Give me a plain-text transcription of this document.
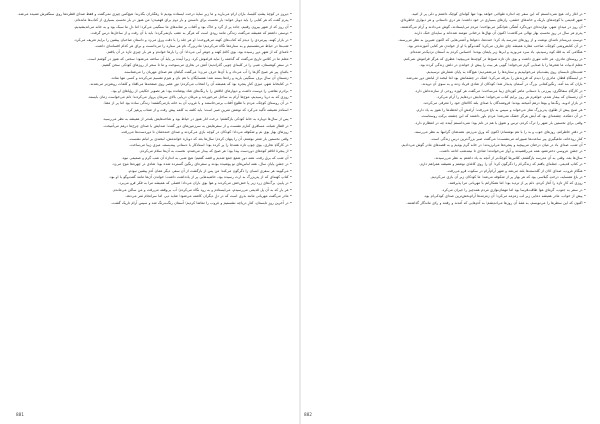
• دیروز در کوچهٔ پشتِ کلیسا، باران آرام می‌بارید و ما زیرِ سایهٔ درخت ایستاده بودیم تا رهگذران بگذرند؛ هیچ‌کس چیزی نمی‌گفت و فقط صدای قطره‌ها روی سنگفرش شنیده می‌شد.

• پدرم گفت که هر کتابی را باید دوبار خواند: بار نخست برای دانستن و بار دوم برای فهمیدن؛ من هنوز در بار نخستِ بسیاری از کتاب‌ها مانده‌ام.

• آن روز که از شهر بیرون رفتیم، جاده پر از گرد و خاک بود و آفتاب بر شانه‌های ما سنگینی می‌کرد؛ اما دلِ ما سبک بود و به خانه می‌اندیشیدیم.

• دوستی داشتم که همیشه می‌گفت زندگی مانند رودی است که هرگز به عقب بازنمی‌گردد؛ باید با آن رفت و از ساحل‌ها درس گرفت.

• در بازار کهنه، پیرمردی را دیدم که کتاب‌های کهنه می‌فروخت؛ او هر جلد را با دقت ورق می‌زد و داستانِ صاحبان پیشین را برایم تعریف می‌کرد.

• شب‌ها در حیاط می‌نشستیم و به ستاره‌ها نگاه می‌کردیم؛ مادربزرگ نام هر ستاره را می‌دانست و برای هر کدام افسانه‌ای داشت.

• نامه‌ای که از شهرِ دور رسیده بود، بوی کاغذِ کهنه و جوهرِ آبی می‌داد؛ آن را بارها خواندم و هر بار چیزی تازه در آن یافتم.

• معلم ما در کلاس تاریخ می‌گفت که گذشته را نباید فراموش کرد، زیرا آینده بر پایهٔ آن ساخته می‌شود؛ سخنی که هنوز در گوشم است.

• در سفرِ کوهستان، شبی را در کلبه‌ای چوبی گذراندیم؛ آتش در بخاری می‌سوخت و ما تا سحر از روزهای کودکی سخن گفتیم.

• باغبانِ پیر هر صبح گل‌ها را آب می‌داد و با آن‌ها حرف می‌زد؛ می‌گفت گیاهان هم صدای مهربان را می‌شناسند.

• زمستانِ آن سال برف سنگینی بارید و راه‌ها بسته شد؛ همسایگان با هم نان و هیزم تقسیم می‌کردند و کسی تنها نماند.

• در کتابخانهٔ شهر، میزی کنارِ پنجره بود که همیشه آن را انتخاب می‌کردم؛ نورِ عصر روی صفحه‌ها می‌افتاد و کلمات روشن‌تر می‌شدند.

• برادرم نقاشی را دوست داشت و دیوارهای اتاقش را با رنگ‌های شاد پوشانده بود؛ هر تصویر حکایتی از رؤیاهای او بود.

• روزی که به دریا رسیدیم، موج‌ها آرام به ساحل می‌خوردند و مرغان دریایی بالای سرمان پرواز می‌کردند؛ دلم می‌خواست زمان بایستد.

• در آن روستای کوچک، مردم با طلوعِ آفتاب برمی‌خاستند و با غروبِ آن به خانه بازمی‌گشتند؛ زندگی ساده بود اما پر از معنا.

• استادم همیشه تأکید می‌کرد که نوشتن تمرینِ صبر است؛ باید کلمه به کلمه پیش رفت و از شتاب پرهیز کرد.

• پس از سال‌ها دوباره به خانهٔ کودکی بازگشتم؛ درخت انار هنوز در حیاط بود و شاخه‌هایش بلندتر از همیشه به نظر می‌رسید.

• در قطارِ شبانه، مسافری کنارم نشست و از سفرهایش به سرزمین‌های دور گفت؛ صدایش با صدای چرخ‌ها درهم می‌آمیخت.

• روزهای بهار بوی نم و شکوفه می‌داد؛ کودکان در کوچه بازی می‌کردند و صدای خنده‌شان تا دوردست‌ها می‌رفت.

• وقتی نخستین بار شعر نوشتم، آن را پنهان کردم؛ سال‌ها بعد که دوباره خواندمش، لبخندی بر لبانم نشست.

• در کارگاهِ نجاری، بوی چوبِ تازه همه‌جا را پر کرده بود؛ استادکار با دستانی پینه‌بسته، میزی زیبا می‌ساخت.

• از پنجرهٔ اتاقم کوه‌های دوردست پیدا بود؛ هر صبح که بیدار می‌شدم، نخست به آن‌ها سلام می‌کردم.

• آن شب که برق رفت، همه دورِ شمع جمع شدیم و قصه گفتیم؛ هیچ شبی به اندازهٔ آن شب گرم و صمیمی نبود.

• در جشنِ پایانِ سال، همه لباس‌های نو پوشیده بودند و سفره‌ای رنگین گسترده شده بود؛ شادی در چهره‌ها موج می‌زد.

• می‌گویند هر سفری انسان را دگرگون می‌کند؛ من پس از بازگشت از آن سفر، دیگر همان آدمِ پیشین نبودم.

• کتابِ کهنه‌ای که از پدربزرگ به ارث رسیده بود، حاشیه‌هایی پر از یادداشت داشت؛ خواندن آن‌ها مانند گفت‌وگو با او بود.

• در پاییز، برگ‌های زرد زیر پا خش‌خش می‌کردند و هوا بوی باران می‌داد؛ فصلی که همیشه مرا به فکر فرو می‌برد.

• هر بار که به آن پل قدیمی می‌رسیدم، می‌ایستادم و به رود نگاه می‌کردم؛ آب بی‌وقفه می‌رفت و من ساکن می‌ماندم.

• مادر می‌گفت مهربانی مانند بذری است که در دلِ دیگران کاشته می‌شود؛ شاید دیر، اما سرانجام ثمر می‌دهد.

• در آخرین روزِ تابستان، کنارِ دریاچه نشستیم و غروب را تماشا کردیم؛ آسمان رنگ‌به‌رنگ شد و سپس آرام تاریک گشت.

881

• در آغاز راه، هیچ نمی‌دانستم که این سفر چه اندازه طولانی خواهد بود؛ تنها کوله‌ای کوچک داشتم و دلی پر از امید.

• شهرِ قدیمی با کوچه‌های باریک و خانه‌های خشتی، رازهای بسیاری در خود داشت؛ هر دری داستانی و هر دیواری خاطره‌ای.

• آن روز در میدانِ شهر، نوازنده‌ای دوره‌گرد آهنگی غم‌انگیز می‌نواخت؛ مردم می‌ایستادند، گوش می‌دادند و آرام می‌گذشتند.

• پدرم هر سال در روزِ نخستِ بهار نهالی می‌کاشت؛ اکنون آن نهال‌ها درختانی تنومند شده‌اند و سایه‌ای خنک دارند.

• دوستِ دیرینه‌ام نامه‌ای نوشت و از روزهای مدرسه یاد کرد؛ خنده‌ها، دعواها و آشتی‌هایی که اکنون شیرین به نظر می‌رسند.

• در آن کتابفروشی کوچک، صاحب مغازه همیشه چای تعارف می‌کرد؛ گفت‌وگو با او از خواندنِ هر کتابی آموزنده‌تر بود.

• هنگامی که به قلهٔ کوه رسیدیم، باد سرد می‌وزید و ابرها زیر پایمان بودند؛ احساس کردم به آسمان نزدیک‌تر شده‌ام.

• در روستای مادری، هر خانه تنوری داشت و بوی نانِ تازه صبح‌ها در کوچه‌ها می‌پیچید؛ عطری که هرگز فراموش نمی‌کنم.

• معلمِ ادبیات ما شعرها را با صدایی گرم می‌خواند؛ گویی هر بیت را پیش از خواندن در دلش زندگی کرده بود.

• شب‌های تابستان روی پشت‌بام می‌خوابیدیم و ستاره‌ها را می‌شمردیم؛ هیچ‌گاه به پایان شمارش نرسیدیم.

• در ایستگاهِ قطار، مادری را دیدم که فرزندش را بدرقه می‌کرد؛ اشک در چشمانش بود اما لبخند از لبانش دور نمی‌شد.

• باران که بند آمد، رنگین‌کمانی بزرگ در آسمان پدیدار شد؛ کودکان از شادی فریاد زدند و به سوی آن دویدند.

• در کارگاهِ سفالگری، پیرزنی با دستانی ماهر کوزه‌ای زیبا می‌ساخت؛ می‌گفت هر کوزه روحی از سازنده‌اش دارد.

• آن زمستان که بیمار شدم، خواهرم هر روز برایم کتاب می‌خواند؛ صدایش دردهایم را آرام می‌کرد.

• در بازارِ ادویه، رنگ‌ها و بوها درهم آمیخته بودند؛ فروشندگان با صدای بلند کالاهای خود را معرفی می‌کردند.

• هر صبح پیش از طلوع، پدربزرگ نماز می‌خواند و سپس به باغ می‌رفت؛ آرامشِ آن لحظه‌ها را هنوز به یاد دارم.

• در آن دهکده، چشمه‌ای بود که آبش هرگز خشک نمی‌شد؛ مردم باور داشتند که این چشمه برکتِ روستاست.

• وقتی برای نخستین بار شهر را ترک کردم، ترس و شوق با هم در دلم بود؛ نمی‌دانستم آینده چه در انتظارم دارد.

• در دفترِ خاطراتم، روزهای خوب و بد را با هم نوشته‌ام؛ اکنون که ورق می‌زنم، همه‌شان گرانبها به نظر می‌رسند.

• کنارِ رودخانه، ماهیگیری پیر ساعت‌ها صبورانه می‌نشست؛ می‌گفت صبر بزرگ‌ترین درسِ زندگی است.

• آن شب، صدای باد در میان درختان می‌پیچید و پنجره‌ها می‌لرزیدند؛ در خانه گرم بودیم و به قصه‌های مادر گوش می‌دادیم.

• در جشنِ عروسیِ دخترعمو، همه می‌رقصیدند و آواز می‌خواندند؛ شادی تا نیمه‌شب ادامه داشت.

• سال‌ها بعد، وقتی به آن مدرسه بازگشتم، کلاس‌ها کوچک‌تر از آنچه به یاد داشتم به نظر می‌رسیدند.

• در کتابِ قدیمی، جمله‌ای یافتم که زندگی‌ام را دگرگون کرد؛ آن را روی کاغذی نوشتم و همیشه همراهم دارم.

• هنگامِ غروب، صدای اذان از گلدسته‌ها بلند می‌شد و شهر آرام‌آرام در سکوت فرو می‌رفت.

• در باغِ همسایه، درختِ گیلاسی بود که هر بهار پر از شکوفه می‌شد؛ ما کودکان زیر آن بازی می‌کردیم.

• روزی که کارِ تازه را آغاز کردم، دلم پر از تردید بود؛ اما همکارانم با مهربانی مرا پذیرفتند.

• در سفر به جنوب، گرمای هوا طاقت‌فرسا بود اما مهمان‌نوازیِ مردم همه‌چیز را جبران می‌کرد.

• پیش از خواب، مادر همیشه دعایی زیر لب زمزمه می‌کرد؛ آن زمزمه‌ها آرام‌بخش‌ترین صدای کودکی‌ام بود.

• اکنون که این سطرها را می‌نویسم، به همهٔ آن روزها می‌اندیشم؛ به آدم‌هایی که آمدند و رفتند و ردّی ماندگار گذاشتند.

882
